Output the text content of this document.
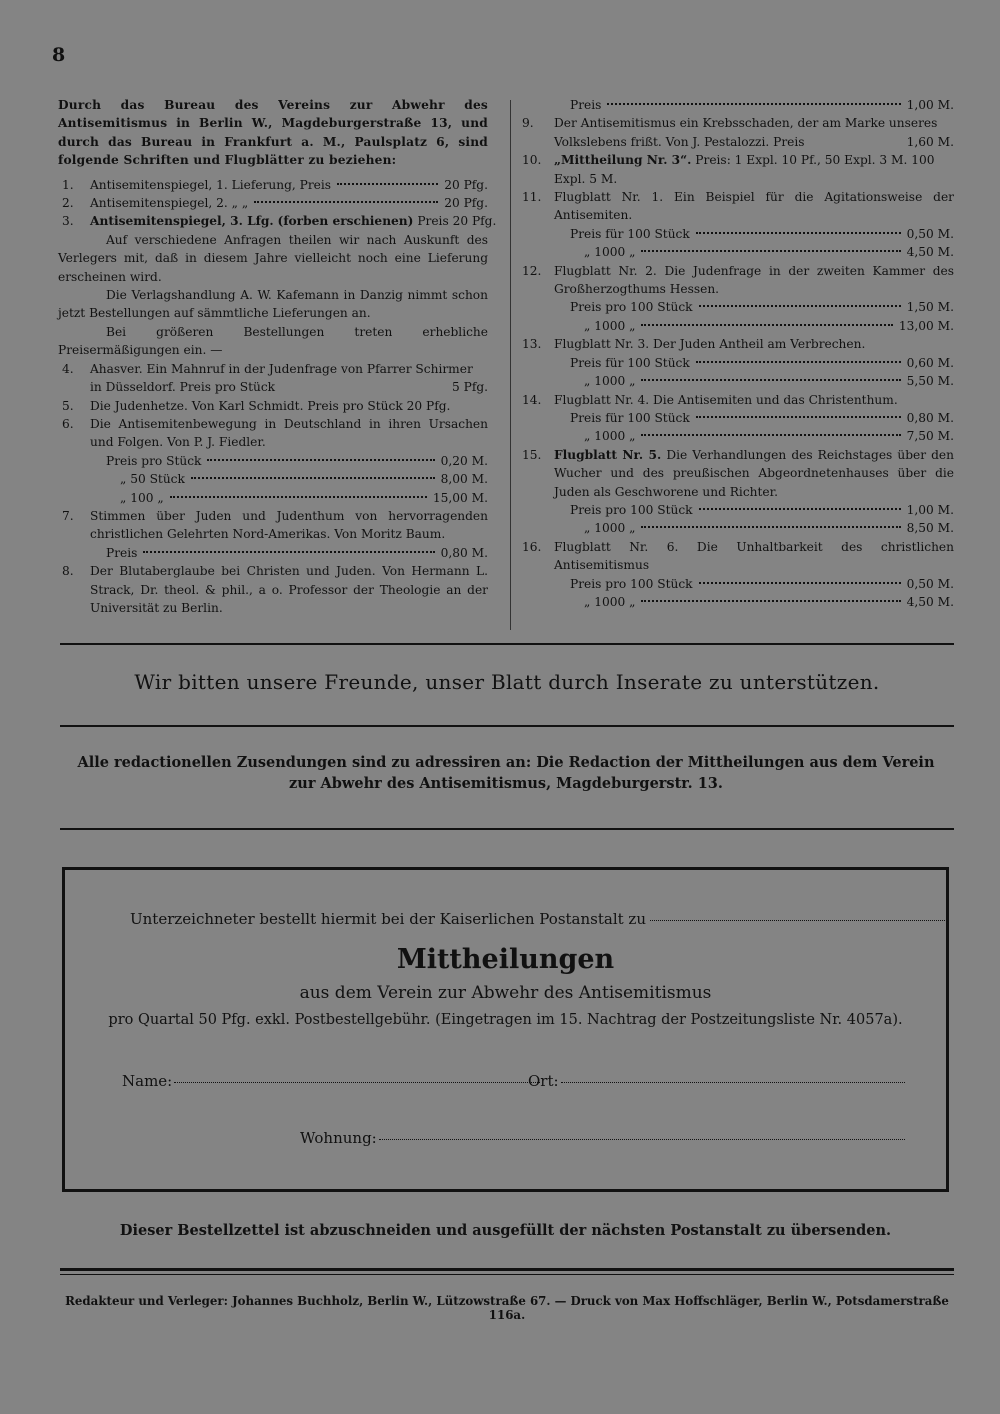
8
Durch das Bureau des Vereins zur Abwehr des Antisemitismus in Berlin W., Magdeburgerstraße 13, und durch das Bureau in Frankfurt a. M., Paulsplatz 6, sind folgende Schriften und Flugblätter zu beziehen:
1.	Antisemitenspiegel, 1. Lieferung, Preis	20 Pfg.
2.	Antisemitenspiegel, 2. „ „	20 Pfg.
3.	Antisemitenspiegel, 3. Lfg.
(forben erschienen)
Preis 20 Pfg.
Auf verschiedene Anfragen theilen wir nach Auskunft des Verlegers mit, daß in diesem Jahre vielleicht noch eine Lieferung erscheinen wird.
Die Verlagshandlung A. W. Kafemann in Danzig nimmt schon jetzt Bestellungen auf sämmtliche Lieferungen an.
Bei größeren Bestellungen treten erhebliche Preisermäßigungen ein. —
4.	Ahasver. Ein Mahnruf in der Judenfrage von Pfarrer Schirmer in Düsseldorf. Preis pro Stück	5 Pfg.
5.	Die Judenhetze. Von Karl Schmidt. Preis pro Stück 20 Pfg.
6.	Die Antisemitenbewegung in Deutschland in ihren Ursachen und Folgen. Von P. J. Fiedler.
Preis pro Stück	0,20 M.
„ 50 Stück	8,00 M.
„ 100 „	15,00 M.
7.	Stimmen über Juden und Judenthum von hervorragenden christlichen Gelehrten Nord-Amerikas. Von Moritz Baum.
Preis	0,80 M.
8.	Der Blutaberglaube bei Christen und Juden. Von Hermann L. Strack, Dr. theol. & phil., a o. Professor der Theologie an der Universität zu Berlin.
Preis	1,00 M.
9.	Der Antisemitismus ein Krebsschaden, der am Marke unseres Volkslebens frißt. Von J. Pestalozzi. Preis	1,60 M.
10.	„Mittheilung Nr. 3“. Preis: 1 Expl. 10 Pf., 50 Expl. 3 M. 100 Expl. 5 M.
11.	Flugblatt Nr. 1. Ein Beispiel für die Agitationsweise der Antisemiten.
Preis für 100 Stück	0,50 M.
„ 1000 „	4,50 M.
12.	Flugblatt Nr. 2. Die Judenfrage in der zweiten Kammer des Großherzogthums Hessen.
Preis pro 100 Stück	1,50 M.
„ 1000 „	13,00 M.
13.	Flugblatt Nr. 3. Der Juden Antheil am Verbrechen.
Preis für 100 Stück	0,60 M.
„ 1000 „	5,50 M.
14.	Flugblatt Nr. 4. Die Antisemiten und das Christenthum.
Preis für 100 Stück	0,80 M.
„ 1000 „	7,50 M.
15.	Flugblatt Nr. 5. Die Verhandlungen des Reichstages über den Wucher und des preußischen Abgeordnetenhauses über die Juden als Geschworene und Richter.
Preis pro 100 Stück	1,00 M.
„ 1000 „	8,50 M.
16.	Flugblatt Nr. 6. Die Unhaltbarkeit des christlichen Antisemitismus
Preis pro 100 Stück	0,50 M.
„ 1000 „	4,50 M.
Wir bitten unsere Freunde, unser Blatt durch Inserate zu unterstützen.
Alle redactionellen Zusendungen sind zu adressiren an: Die Redaction der Mittheilungen aus dem Verein zur Abwehr des Antisemitismus, Magdeburgerstr. 13.
Unterzeichneter bestellt hiermit bei der Kaiserlichen Postanstalt zu
Mittheilungen
aus dem Verein zur Abwehr des Antisemitismus
pro Quartal 50 Pfg. exkl. Postbestellgebühr. (Eingetragen im 15. Nachtrag der Postzeitungsliste Nr. 4057a).
Name:	Ort:
Wohnung:
Dieser Bestellzettel ist abzuschneiden und ausgefüllt der nächsten Postanstalt zu übersenden.
Redakteur und Verleger: Johannes Buchholz, Berlin W., Lützowstraße 67. — Druck von Max Hoffschläger, Berlin W., Potsdamerstraße 116a.
